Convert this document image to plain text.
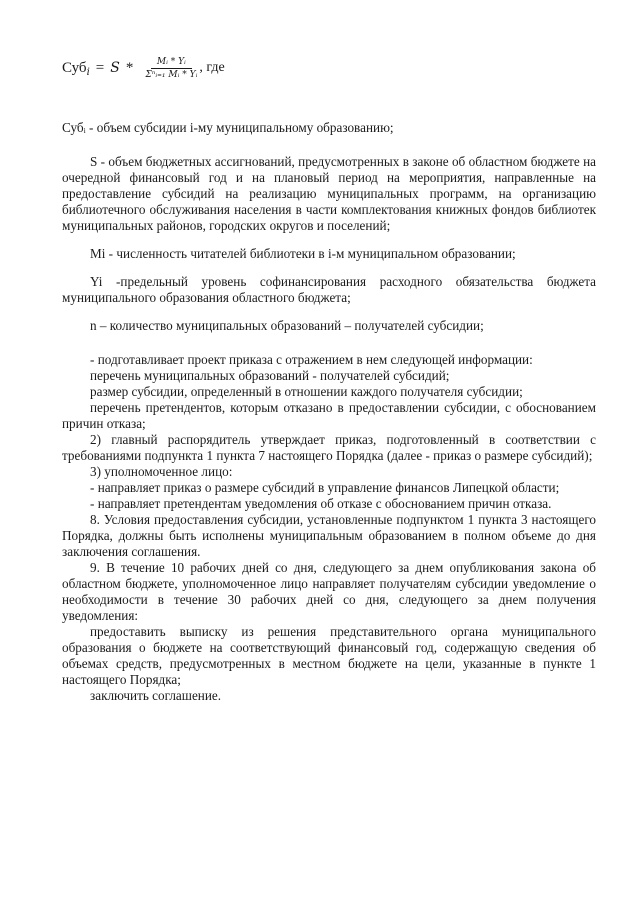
Суб $i = S * \frac{\text{Mᵢ * Yᵢ}}{\text{Σⁿᵢ₌₁ Mᵢ * Yᵢ}}$ , где

Субᵢ - объем субсидии i-му муниципальному образованию;

S - объем бюджетных ассигнований, предусмотренных в законе об областном бюджете на очередной финансовый год и на плановый период на мероприятия, направленные на предоставление субсидий на реализацию муниципальных программ, на организацию библиотечного обслуживания населения в части комплектования книжных фондов библиотек муниципальных районов, городских округов и поселений;

Mi - численность читателей библиотеки в i-м муниципальном образовании;

Yi -предельный уровень софинансирования расходного обязательства бюджета муниципального образования областного бюджета;

n – количество муниципальных образований – получателей субсидии;

- подготавливает проект приказа с отражением в нем следующей информации:

перечень муниципальных образований - получателей субсидий;

размер субсидии, определенный в отношении каждого получателя субсидии;

перечень претендентов, которым отказано в предоставлении субсидии, с обоснованием причин отказа;

2) главный распорядитель утверждает приказ, подготовленный в соответствии с требованиями подпункта 1 пункта 7 настоящего Порядка (далее - приказ о размере субсидий);

3) уполномоченное лицо:

- направляет приказ о размере субсидий в управление финансов Липецкой области;

- направляет претендентам уведомления об отказе с обоснованием причин отказа.

8. Условия предоставления субсидии, установленные подпунктом 1 пункта 3 настоящего Порядка, должны быть исполнены муниципальным образованием в полном объеме до дня заключения соглашения.

9. В течение 10 рабочих дней со дня, следующего за днем опубликования закона об областном бюджете, уполномоченное лицо направляет получателям субсидии уведомление о необходимости в течение 30 рабочих дней со дня, следующего за днем получения уведомления:

предоставить выписку из решения представительного органа муниципального образования о бюджете на соответствующий финансовый год, содержащую сведения об объемах средств, предусмотренных в местном бюджете на цели, указанные в пункте 1 настоящего Порядка;

заключить соглашение.
